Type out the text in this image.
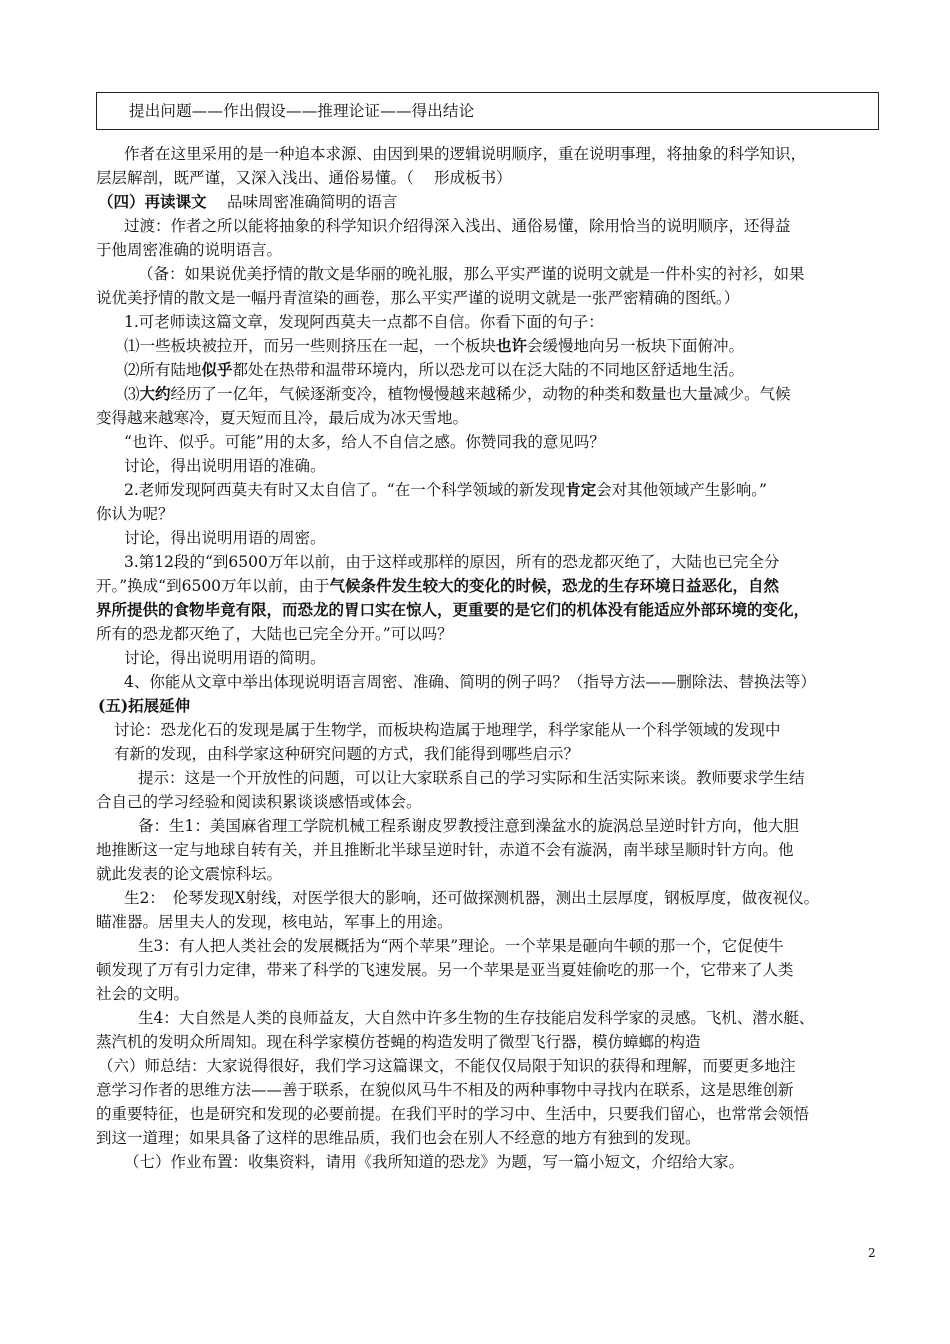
提出问题——作出假设——推理论证——得出结论
作者在这里采用的是一种追本求源、由因到果的逻辑说明顺序，重在说明事理，将抽象的科学知识，
层层解剖，既严谨，又深入浅出、通俗易懂。（　 形成板书）
（四）再读课文　 品味周密准确简明的语言
过渡：作者之所以能将抽象的科学知识介绍得深入浅出、通俗易懂，除用恰当的说明顺序，还得益
于他周密准确的说明语言。
（备：如果说优美抒情的散文是华丽的晚礼服，那么平实严谨的说明文就是一件朴实的衬衫，如果
说优美抒情的散文是一幅丹青渲染的画卷，那么平实严谨的说明文就是一张严密精确的图纸。）
1.可老师读这篇文章，发现阿西莫夫一点都不自信。你看下面的句子：
⑴一些板块被拉开，而另一些则挤压在一起，一个板块也许会缓慢地向另一板块下面俯冲。
⑵所有陆地似乎都处在热带和温带环境内，所以恐龙可以在泛大陆的不同地区舒适地生活。
⑶大约经历了一亿年，气候逐渐变冷，植物慢慢越来越稀少，动物的种类和数量也大量减少。气候
变得越来越寒冷，夏天短而且冷，最后成为冰天雪地。
“也许、似乎。可能”用的太多，给人不自信之感。你赞同我的意见吗？
讨论，得出说明用语的准确。
2.老师发现阿西莫夫有时又太自信了。“在一个科学领域的新发现肯定会对其他领域产生影响。”
你认为呢？
讨论，得出说明用语的周密。
3.第12段的“到6500万年以前，由于这样或那样的原因，所有的恐龙都灭绝了，大陆也已完全分
开。”换成“到6500万年以前，由于气候条件发生较大的变化的时候，恐龙的生存环境日益恶化，自然
界所提供的食物毕竟有限，而恐龙的胃口实在惊人，更重要的是它们的机体没有能适应外部环境的变化，
所有的恐龙都灭绝了，大陆也已完全分开。”可以吗？
讨论，得出说明用语的简明。
4、你能从文章中举出体现说明语言周密、准确、简明的例子吗？（指导方法——删除法、替换法等）
(五)拓展延伸
讨论：恐龙化石的发现是属于生物学，而板块构造属于地理学，科学家能从一个科学领域的发现中
有新的发现，由科学家这种研究问题的方式，我们能得到哪些启示？
提示：这是一个开放性的问题，可以让大家联系自己的学习实际和生活实际来谈。教师要求学生结
合自己的学习经验和阅读积累谈谈感悟或体会。
备：生1：美国麻省理工学院机械工程系谢皮罗教授注意到澡盆水的旋涡总呈逆时针方向，他大胆
地推断这一定与地球自转有关，并且推断北半球呈逆时针，赤道不会有漩涡，南半球呈顺时针方向。他
就此发表的论文震惊科坛。
生2：　伦琴发现X射线，对医学很大的影响，还可做探测机器，测出土层厚度，钢板厚度，做夜视仪。
瞄准器。居里夫人的发现，核电站，军事上的用途。
生3：有人把人类社会的发展概括为“两个苹果”理论。一个苹果是砸向牛顿的那一个，它促使牛
顿发现了万有引力定律，带来了科学的飞速发展。另一个苹果是亚当夏娃偷吃的那一个，它带来了人类
社会的文明。
生4：大自然是人类的良师益友，大自然中许多生物的生存技能启发科学家的灵感。飞机、潜水艇、
蒸汽机的发明众所周知。现在科学家模仿苍蝇的构造发明了微型飞行器，模仿蟑螂的构造
（六）师总结：大家说得很好，我们学习这篇课文，不能仅仅局限于知识的获得和理解，而要更多地注
意学习作者的思维方法——善于联系，在貌似风马牛不相及的两种事物中寻找内在联系，这是思维创新
的重要特征，也是研究和发现的必要前提。在我们平时的学习中、生活中，只要我们留心，也常常会领悟
到这一道理；如果具备了这样的思维品质，我们也会在别人不经意的地方有独到的发现。
（七）作业布置：收集资料，请用《我所知道的恐龙》为题，写一篇小短文，介绍给大家。
2
